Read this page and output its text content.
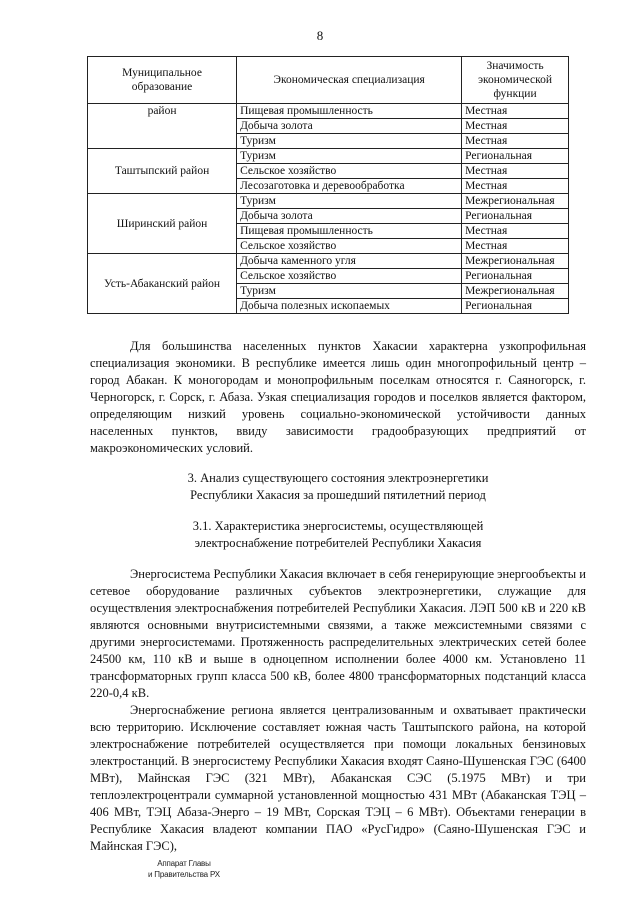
8
Муниципальное образование	Экономическая специализация	Значимость экономической функции
район	Пищевая промышленность	Местная
	Добыча золота	Местная
	Туризм	Местная
Таштыпский район	Туризм	Региональная
	Сельское хозяйство	Местная
	Лесозаготовка и деревообработка	Местная
Ширинский район	Туризм	Межрегиональная
	Добыча золота	Региональная
	Пищевая промышленность	Местная
	Сельское хозяйство	Местная
Усть-Абаканский район	Добыча каменного угля	Межрегиональная
	Сельское хозяйство	Региональная
	Туризм	Межрегиональная
	Добыча полезных ископаемых	Региональная

Для большинства населенных пунктов Хакасии характерна узкопрофильная специализация экономики. В республике имеется лишь один многопрофильный центр – город Абакан. К моногородам и монопрофильным поселкам относятся г. Саяногорск, г. Черногорск, г. Сорск, г. Абаза. Узкая специализация городов и поселков является фактором, определяющим низкий уровень социально-экономической устойчивости данных населенных пунктов, ввиду зависимости градообразующих предприятий от макроэкономических условий.

3. Анализ существующего состояния электроэнергетики
Республики Хакасия за прошедший пятилетний период
3.1. Характеристика энергосистемы, осуществляющей
электроснабжение потребителей Республики Хакасия

Энергосистема Республики Хакасия включает в себя генерирующие энергообъекты и сетевое оборудование различных субъектов электроэнергетики, служащие для осуществления электроснабжения потребителей Республики Хакасия. ЛЭП 500 кВ и 220 кВ являются основными внутрисистемными связями, а также межсистемными связями с другими энергосистемами. Протяженность распределительных электрических сетей более 24500 км, 110 кВ и выше в одноцепном исполнении более 4000 км. Установлено 11 трансформаторных групп класса 500 кВ, более 4800 трансформаторных подстанций класса 220-0,4 кВ.

Энергоснабжение региона является централизованным и охватывает практически всю территорию. Исключение составляет южная часть Таштыпского района, на которой электроснабжение потребителей осуществляется при помощи локальных бензиновых электростанций. В энергосистему Республики Хакасия входят Саяно-Шушенская ГЭС (6400 МВт), Майнская ГЭС (321 МВт), Абаканская СЭС (5.1975 МВт) и три теплоэлектроцентрали суммарной установленной мощностью 431 МВт (Абаканская ТЭЦ – 406 МВт, ТЭЦ Абаза-Энерго – 19 МВт, Сорская ТЭЦ – 6 МВт). Объектами генерации в Республике Хакасия владеют компании ПАО «РусГидро» (Саяно-Шушенская ГЭС и Майнская ГЭС),

Аппарат Главы
и Правительства РХ
